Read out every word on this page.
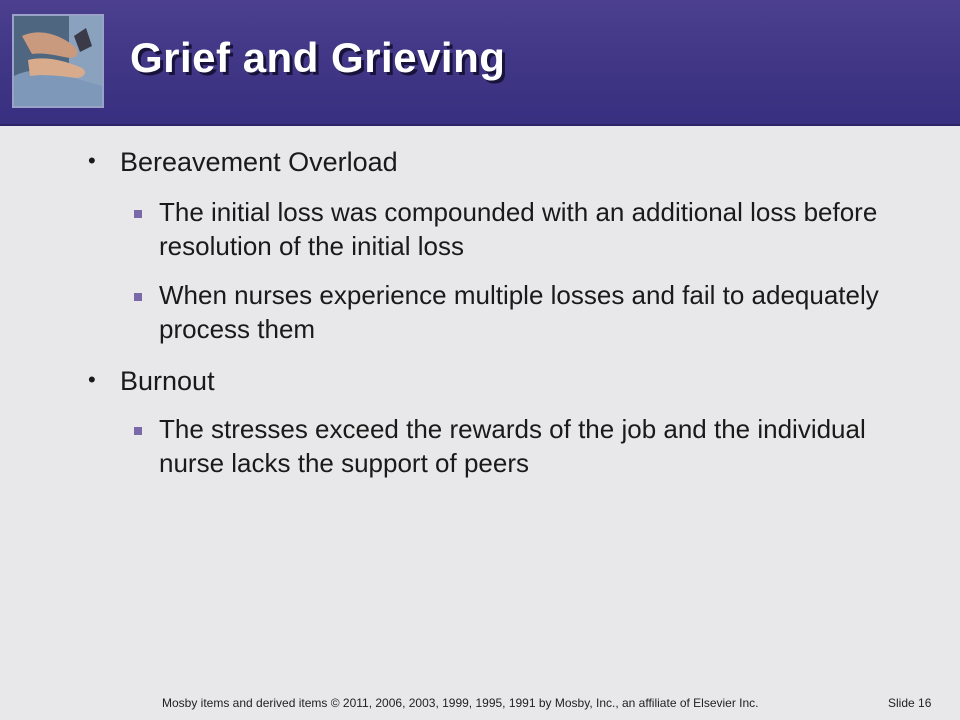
Grief and Grieving
• Bereavement Overload
The initial loss was compounded with an additional loss before resolution of the initial loss
When nurses experience multiple losses and fail to adequately process them
• Burnout
The stresses exceed the rewards of the job and the individual nurse lacks the support of peers
Mosby items and derived items © 2011, 2006, 2003, 1999, 1995, 1991 by Mosby, Inc., an affiliate of Elsevier Inc.	Slide 16
